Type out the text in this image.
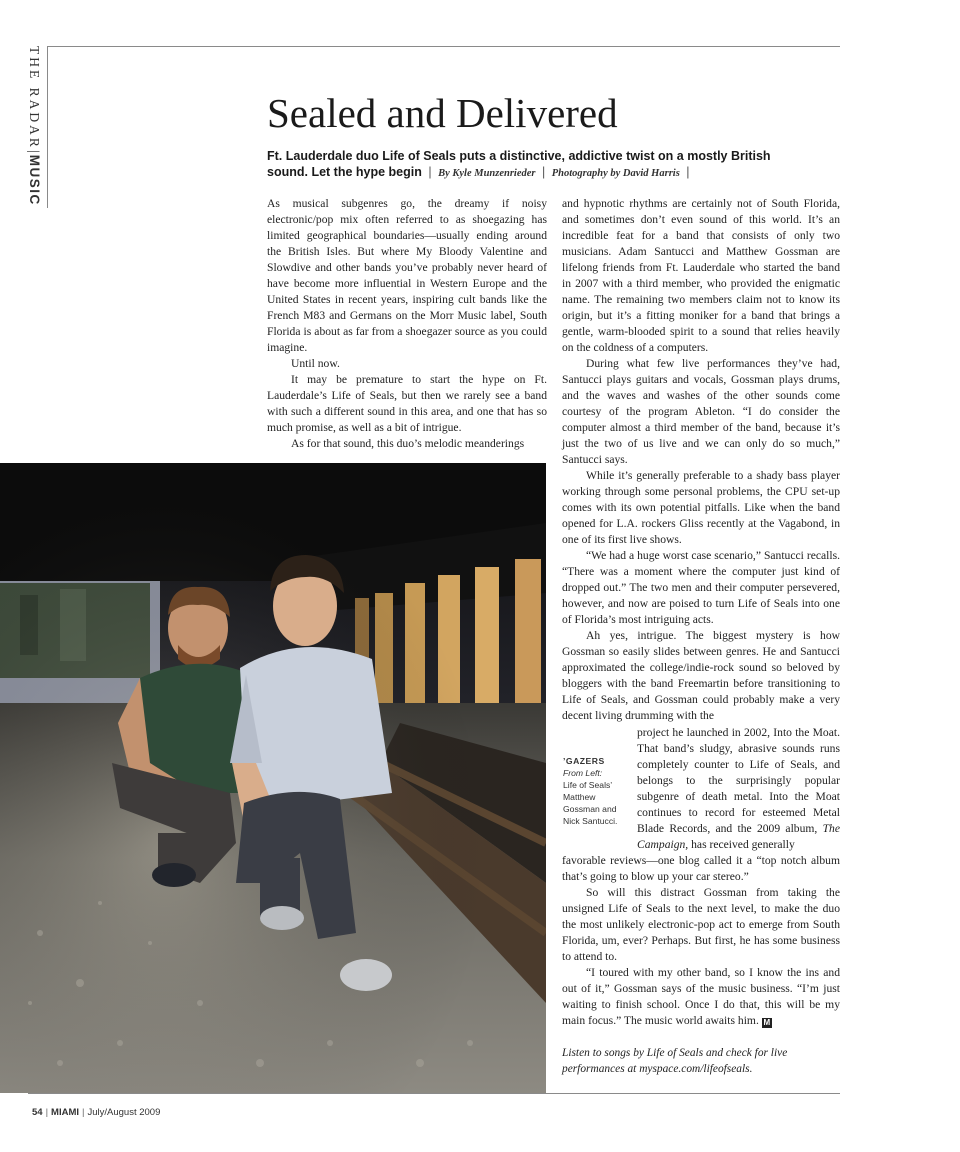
THE RADAR|MUSIC
Sealed and Delivered

Ft. Lauderdale duo Life of Seals puts a distinctive, addictive twist on a mostly British sound. Let the hype begin | By Kyle Munzenrieder | Photography by David Harris |

As musical subgenres go, the dreamy if noisy electronic/pop mix often referred to as shoegazing has limited geographical boundaries—usually ending around the British Isles. But where My Bloody Valentine and Slowdive and other bands you’ve probably never heard of have become more influential in Western Europe and the United States in recent years, inspiring cult bands like the French M83 and Germans on the Morr Music label, South Florida is about as far from a shoegazer source as you could imagine.

Until now.

It may be premature to start the hype on Ft. Lauderdale’s Life of Seals, but then we rarely see a band with such a different sound in this area, and one that has so much promise, as well as a bit of intrigue.

As for that sound, this duo’s melodic meanderings

and hypnotic rhythms are certainly not of South Florida, and sometimes don’t even sound of this world. It’s an incredible feat for a band that consists of only two musicians. Adam Santucci and Matthew Gossman are lifelong friends from Ft. Lauderdale who started the band in 2007 with a third member, who provided the enigmatic name. The remaining two members claim not to know its origin, but it’s a fitting moniker for a band that brings a gentle, warm-blooded spirit to a sound that relies heavily on the coldness of a computers.

During what few live performances they’ve had, Santucci plays guitars and vocals, Gossman plays drums, and the waves and washes of the other sounds come courtesy of the program Ableton. “I do consider the computer almost a third member of the band, because it’s just the two of us live and we can only do so much,” Santucci says.

While it’s generally preferable to a shady bass player working through some personal problems, the CPU set-up comes with its own potential pitfalls. Like when the band opened for L.A. rockers Gliss recently at the Vagabond, in one of its first live shows.

“We had a huge worst case scenario,” Santucci recalls. “There was a moment where the computer just kind of dropped out.” The two men and their computer persevered, however, and now are poised to turn Life of Seals into one of Florida’s most intriguing acts.

Ah yes, intrigue. The biggest mystery is how Gossman so easily slides between genres. He and Santucci approximated the college/indie-rock sound so beloved by bloggers with the band Freemartin before transitioning to Life of Seals, and Gossman could probably make a very decent living drumming with the

’GAZERS
From Left:
Life of Seals’ Matthew Gossman and Nick Santucci.

project he launched in 2002, Into the Moat. That band’s sludgy, abrasive sounds runs completely counter to Life of Seals, and belongs to the surprisingly popular subgenre of death metal. Into the Moat continues to record for esteemed Metal Blade Records, and the 2009 album, The Campaign, has received generally

favorable reviews—one blog called it a “top notch album that’s going to blow up your car stereo.”

So will this distract Gossman from taking the unsigned Life of Seals to the next level, to make the duo the most unlikely electronic-pop act to emerge from South Florida, um, ever? Perhaps. But first, he has some business to attend to.

“I toured with my other band, so I know the ins and out of it,” Gossman says of the music business. “I’m just waiting to finish school. Once I do that, this will be my main focus.” The music world awaits him. M

Listen to songs by Life of Seals and check for live performances at myspace.com/lifeofseals.

54 | MIAMI | July/August 2009
